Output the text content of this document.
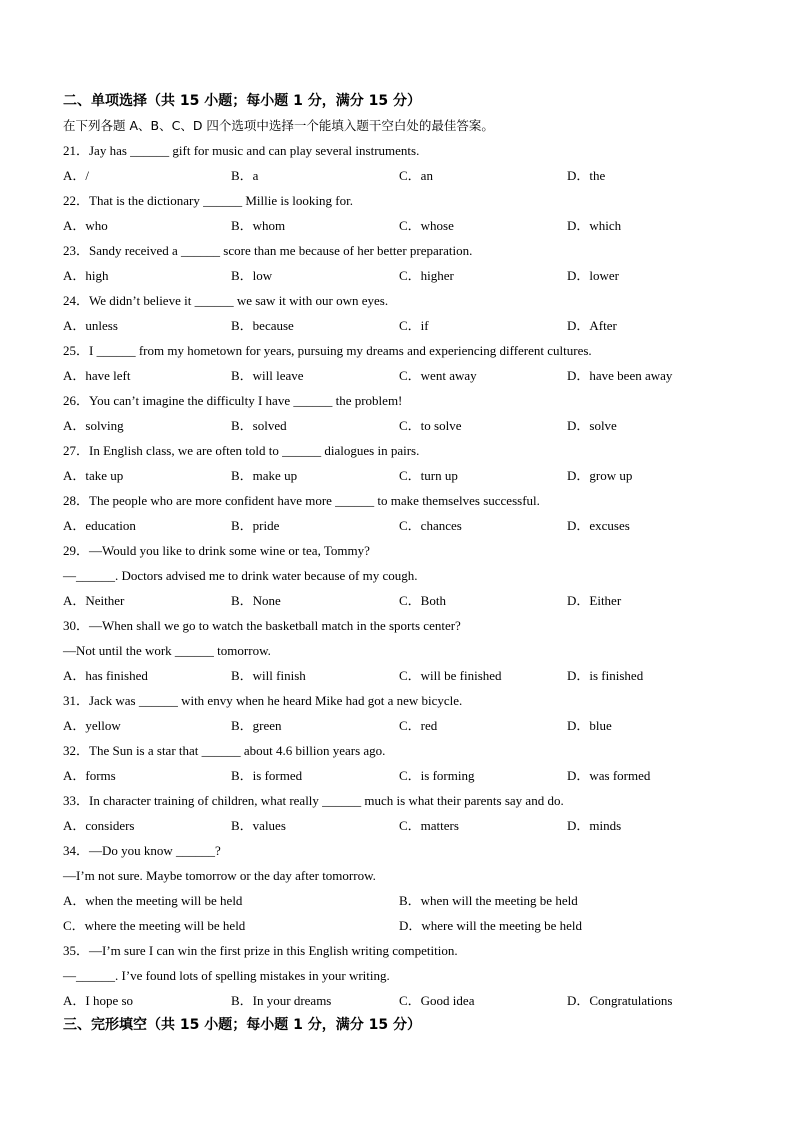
二、单项选择（共 15 小题；每小题 1 分，满分 15 分）
在下列各题 A、B、C、D 四个选项中选择一个能填入题干空白处的最佳答案。
21．Jay has ______ gift for music and can play several instruments.
A．/	B．a	C．an	D．the
22．That is the dictionary ______ Millie is looking for.
A．who	B．whom	C．whose	D．which
23．Sandy received a ______ score than me because of her better preparation.
A．high	B．low	C．higher	D．lower
24．We didn’t believe it ______ we saw it with our own eyes.
A．unless	B．because	C．if	D．After
25．I ______ from my hometown for years, pursuing my dreams and experiencing different cultures.
A．have left	B．will leave	C．went away	D．have been away
26．You can’t imagine the difficulty I have ______ the problem!
A．solving	B．solved	C．to solve	D．solve
27．In English class, we are often told to ______ dialogues in pairs.
A．take up	B．make up	C．turn up	D．grow up
28．The people who are more confident have more ______ to make themselves successful.
A．education	B．pride	C．chances	D．excuses
29．—Would you like to drink some wine or tea, Tommy?
—______. Doctors advised me to drink water because of my cough.
A．Neither	B．None	C．Both	D．Either
30．—When shall we go to watch the basketball match in the sports center?
—Not until the work ______ tomorrow.
A．has finished	B．will finish	C．will be finished	D．is finished
31．Jack was ______ with envy when he heard Mike had got a new bicycle.
A．yellow	B．green	C．red	D．blue
32．The Sun is a star that ______ about 4.6 billion years ago.
A．forms	B．is formed	C．is forming	D．was formed
33．In character training of children, what really ______ much is what their parents say and do.
A．considers	B．values	C．matters	D．minds
34．—Do you know ______?
—I’m not sure. Maybe tomorrow or the day after tomorrow.
A．when the meeting will be held	B．when will the meeting be held
C．where the meeting will be held	D．where will the meeting be held
35．—I’m sure I can win the first prize in this English writing competition.
—______. I’ve found lots of spelling mistakes in your writing.
A．I hope so	B．In your dreams	C．Good idea	D．Congratulations
三、完形填空（共 15 小题；每小题 1 分，满分 15 分）
